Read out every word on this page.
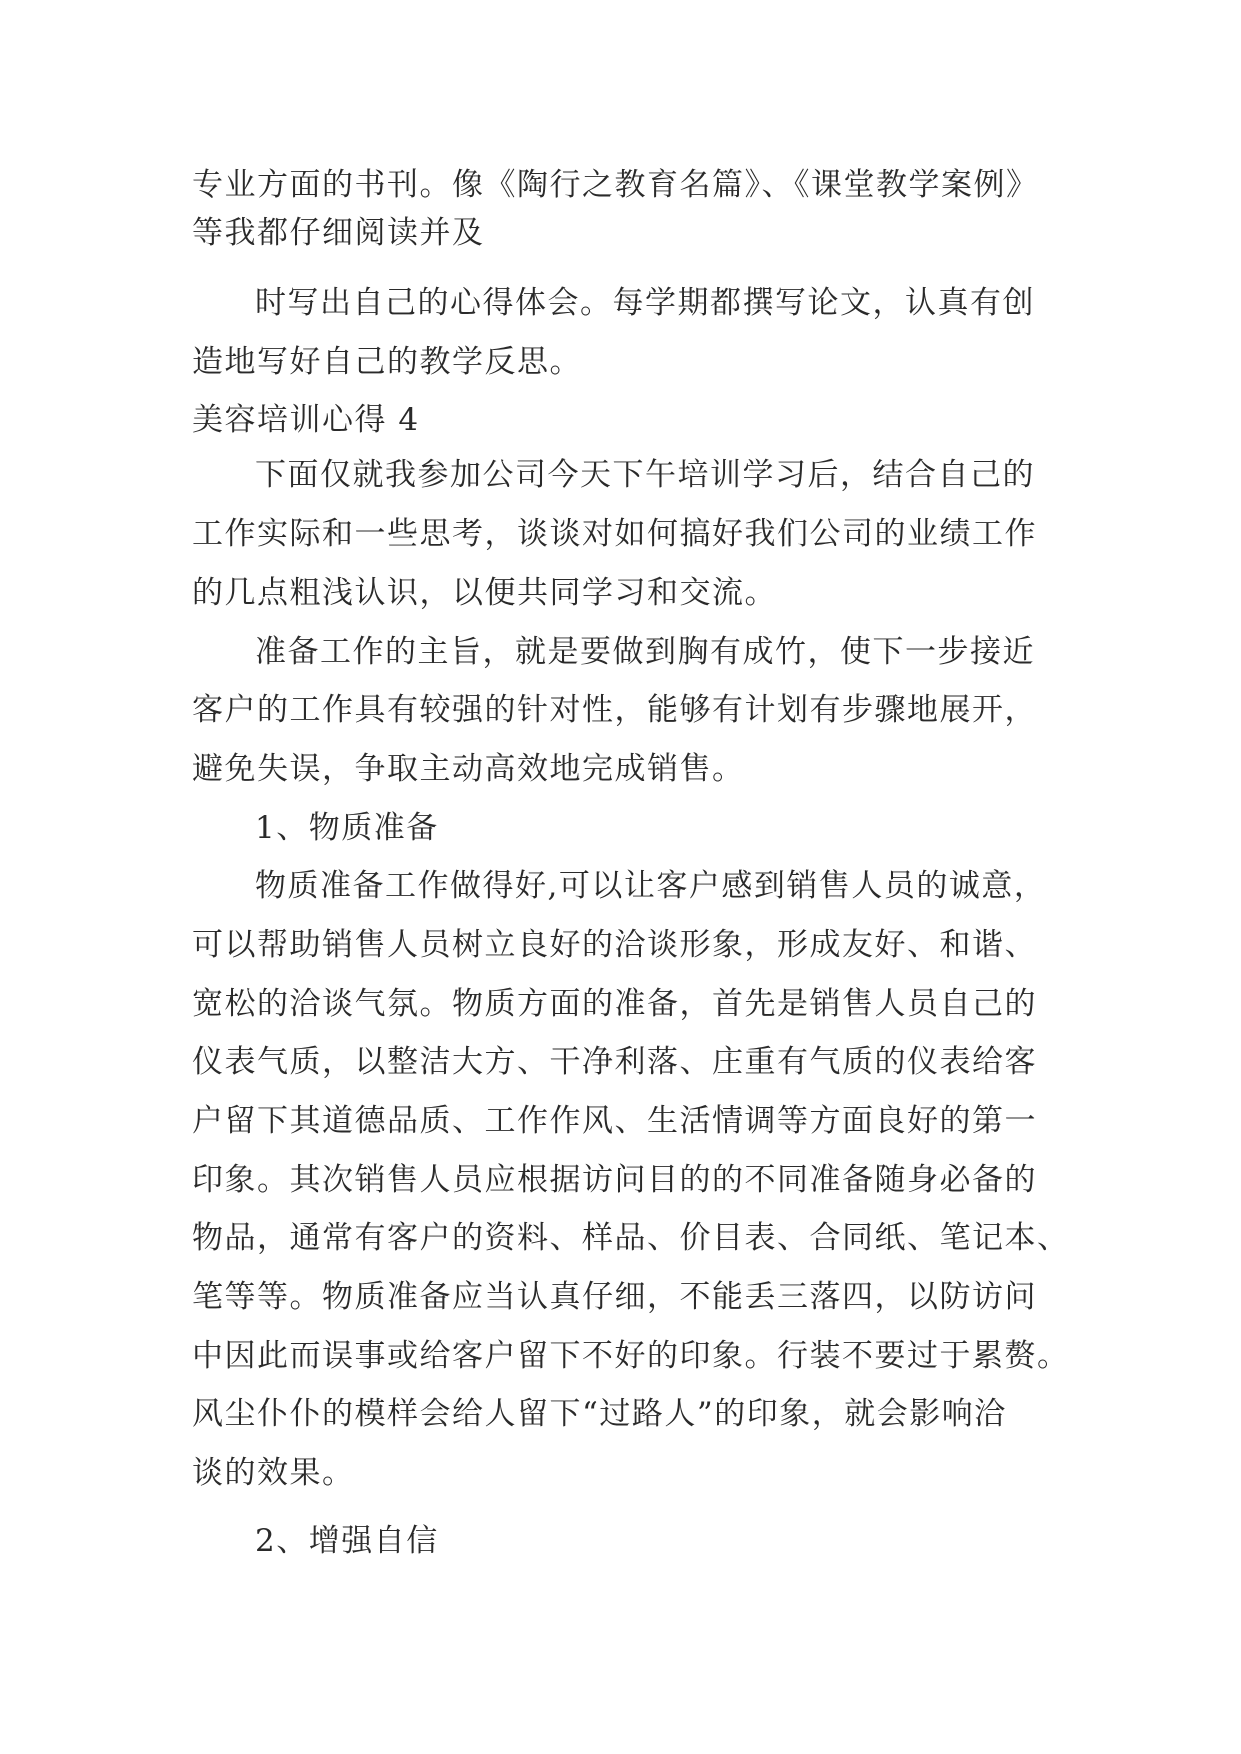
专业方面的书刊。像《陶行之教育名篇》、《课堂教学案例》

等我都仔细阅读并及

时写出自己的心得体会。每学期都撰写论文，认真有创

造地写好自己的教学反思。

美容培训心得 4

下面仅就我参加公司今天下午培训学习后，结合自己的

工作实际和一些思考，谈谈对如何搞好我们公司的业绩工作

的几点粗浅认识，以便共同学习和交流。

准备工作的主旨，就是要做到胸有成竹，使下一步接近

客户的工作具有较强的针对性，能够有计划有步骤地展开，

避免失误，争取主动高效地完成销售。

1、物质准备

物质准备工作做得好,可以让客户感到销售人员的诚意，

可以帮助销售人员树立良好的洽谈形象，形成友好、和谐、

宽松的洽谈气氛。物质方面的准备，首先是销售人员自己的

仪表气质，以整洁大方、干净利落、庄重有气质的仪表给客

户留下其道德品质、工作作风、生活情调等方面良好的第一

印象。其次销售人员应根据访问目的的不同准备随身必备的

物品，通常有客户的资料、样品、价目表、合同纸、笔记本、

笔等等。物质准备应当认真仔细，不能丢三落四，以防访问

中因此而误事或给客户留下不好的印象。行装不要过于累赘。

风尘仆仆的模样会给人留下“过路人”的印象，就会影响洽

谈的效果。

2、增强自信
